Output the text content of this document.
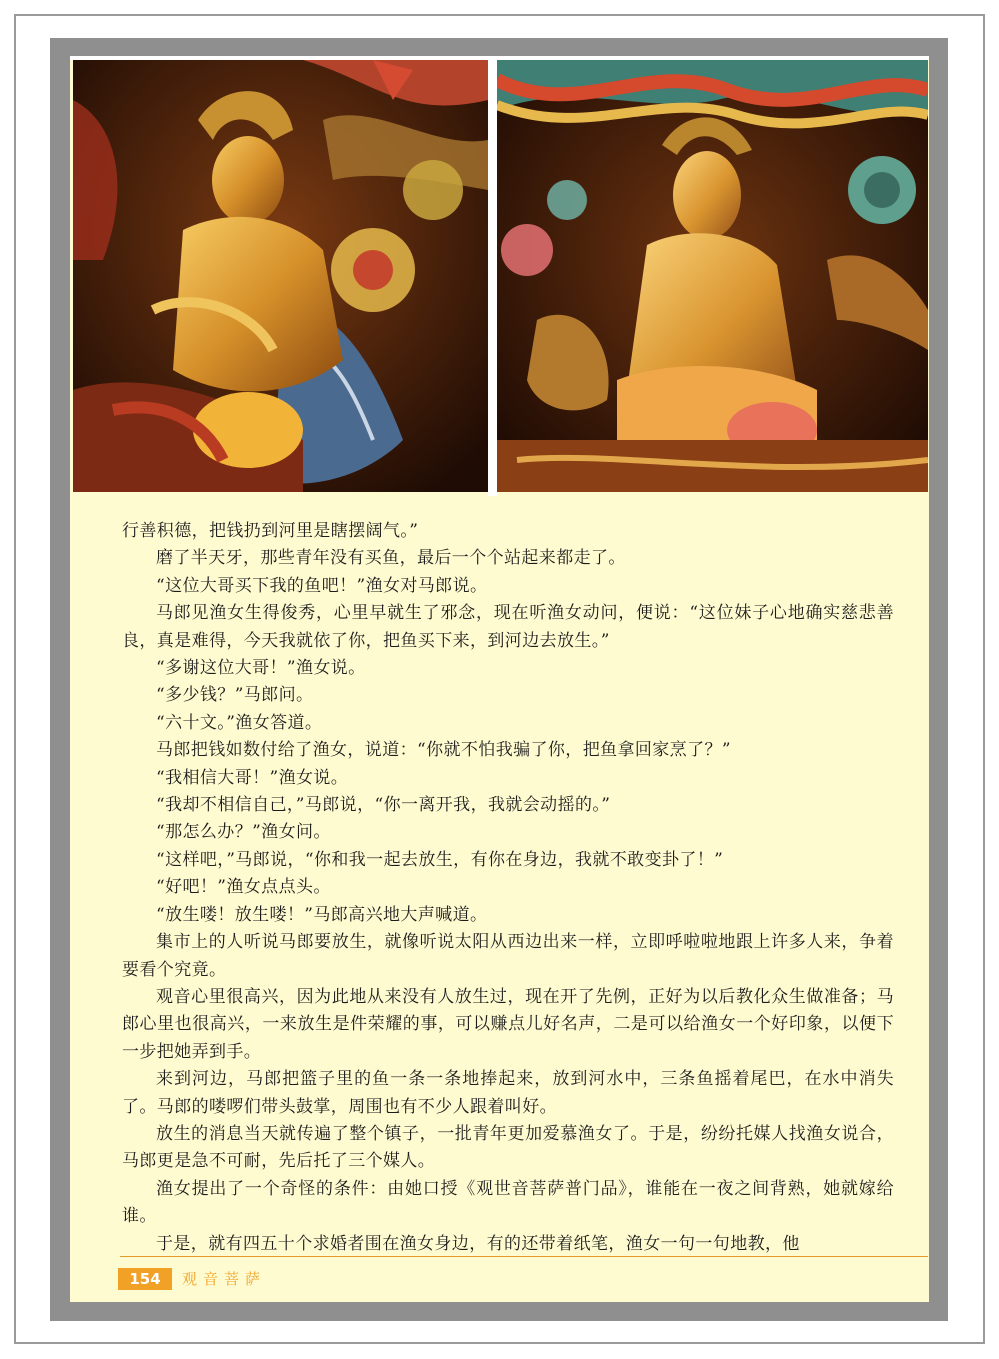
行善积德，把钱扔到河里是瞎摆阔气。”

磨了半天牙，那些青年没有买鱼，最后一个个站起来都走了。

“这位大哥买下我的鱼吧！”渔女对马郎说。

马郎见渔女生得俊秀，心里早就生了邪念，现在听渔女动问，便说：“这位妹子心地确实慈悲善良，真是难得，今天我就依了你，把鱼买下来，到河边去放生。”

“多谢这位大哥！”渔女说。

“多少钱？”马郎问。

“六十文。”渔女答道。

马郎把钱如数付给了渔女，说道：“你就不怕我骗了你，把鱼拿回家烹了？”

“我相信大哥！”渔女说。

“我却不相信自己，”马郎说，“你一离开我，我就会动摇的。”

“那怎么办？”渔女问。

“这样吧，”马郎说，“你和我一起去放生，有你在身边，我就不敢变卦了！”

“好吧！”渔女点点头。

“放生喽！放生喽！”马郎高兴地大声喊道。

集市上的人听说马郎要放生，就像听说太阳从西边出来一样，立即呼啦啦地跟上许多人来，争着要看个究竟。

观音心里很高兴，因为此地从来没有人放生过，现在开了先例，正好为以后教化众生做准备；马郎心里也很高兴，一来放生是件荣耀的事，可以赚点儿好名声，二是可以给渔女一个好印象，以便下一步把她弄到手。

来到河边，马郎把篮子里的鱼一条一条地捧起来，放到河水中，三条鱼摇着尾巴，在水中消失了。马郎的喽啰们带头鼓掌，周围也有不少人跟着叫好。

放生的消息当天就传遍了整个镇子，一批青年更加爱慕渔女了。于是，纷纷托媒人找渔女说合，马郎更是急不可耐，先后托了三个媒人。

渔女提出了一个奇怪的条件：由她口授《观世音菩萨普门品》，谁能在一夜之间背熟，她就嫁给谁。

于是，就有四五十个求婚者围在渔女身边，有的还带着纸笔，渔女一句一句地教，他

154	观音菩萨
